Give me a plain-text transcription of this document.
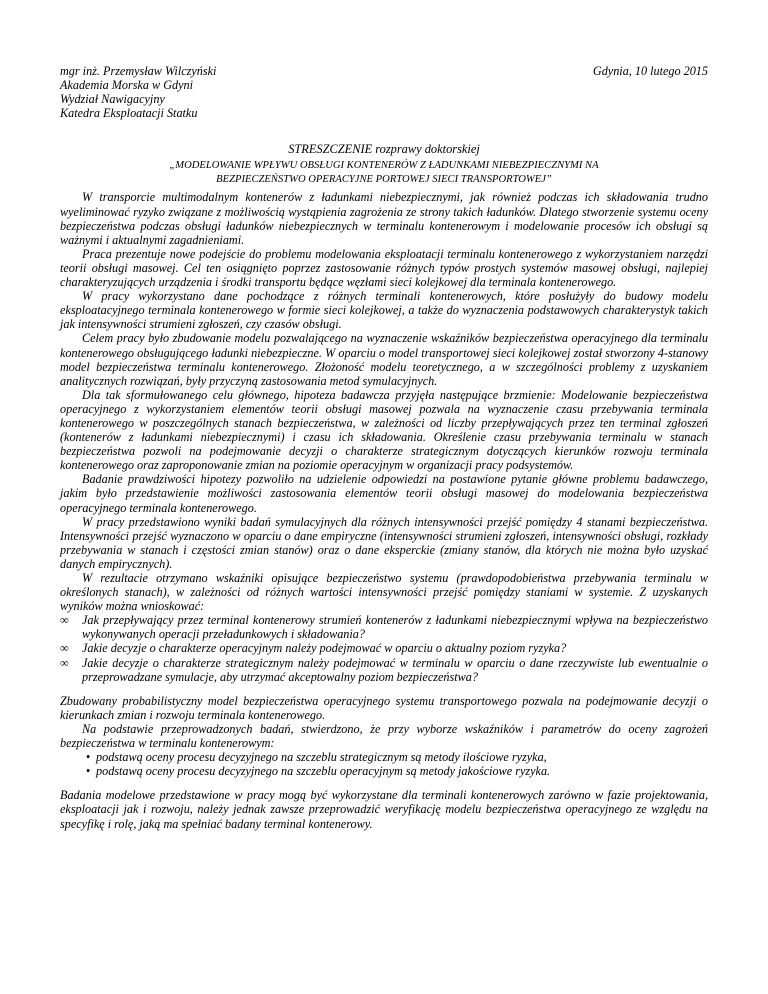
mgr inż. Przemysław Wilczyński
Akademia Morska w Gdyni
Wydział Nawigacyjny
Katedra Eksploatacji Statku
Gdynia, 10 lutego 2015
STRESZCZENIE rozprawy doktorskiej
„MODELOWANIE WPŁYWU OBSŁUGI KONTENERÓW Z ŁADUNKAMI NIEBEZPIECZNYMI NA
BEZPIECZEŃSTWO OPERACYJNE PORTOWEJ SIECI TRANSPORTOWEJ”

W transporcie multimodalnym kontenerów z ładunkami niebezpiecznymi, jak również podczas ich składowania trudno wyeliminować ryzyko związane z możliwością wystąpienia zagrożenia ze strony takich ładunków. Dlatego stworzenie systemu oceny bezpieczeństwa podczas obsługi ładunków niebezpiecznych w terminalu kontenerowym i modelowanie procesów ich obsługi są ważnymi i aktualnymi zagadnieniami.

Praca prezentuje nowe podejście do problemu modelowania eksploatacji terminalu kontenerowego z wykorzystaniem narzędzi teorii obsługi masowej. Cel ten osiągnięto poprzez zastosowanie różnych typów prostych systemów masowej obsługi, najlepiej charakteryzujących urządzenia i środki transportu będące węzłami sieci kolejkowej dla terminala kontenerowego.

W pracy wykorzystano dane pochodzące z różnych terminali kontenerowych, które posłużyły do budowy modelu eksploatacyjnego terminala kontenerowego w formie sieci kolejkowej, a także do wyznaczenia podstawowych charakterystyk takich jak intensywności strumieni zgłoszeń, czy czasów obsługi.

Celem pracy było zbudowanie modelu pozwalającego na wyznaczenie wskaźników bezpieczeństwa operacyjnego dla terminalu kontenerowego obsługującego ładunki niebezpieczne. W oparciu o model transportowej sieci kolejkowej został stworzony 4-stanowy model bezpieczeństwa terminalu kontenerowego. Złożoność modelu teoretycznego, a w szczególności problemy z uzyskaniem analitycznych rozwiązań, były przyczyną zastosowania metod symulacyjnych.

Dla tak sformułowanego celu głównego, hipoteza badawcza przyjęła następujące brzmienie: Modelowanie bezpieczeństwa operacyjnego z wykorzystaniem elementów teorii obsługi masowej pozwala na wyznaczenie czasu przebywania terminala kontenerowego w poszczególnych stanach bezpieczeństwa, w zależności od liczby przepływających przez ten terminal zgłoszeń (kontenerów z ładunkami niebezpiecznymi) i czasu ich składowania. Określenie czasu przebywania terminalu w stanach bezpieczeństwa pozwoli na podejmowanie decyzji o charakterze strategicznym dotyczących kierunków rozwoju terminala kontenerowego oraz zaproponowanie zmian na poziomie operacyjnym w organizacji pracy podsystemów.

Badanie prawdziwości hipotezy pozwoliło na udzielenie odpowiedzi na postawione pytanie główne problemu badawczego, jakim było przedstawienie możliwości zastosowania elementów teorii obsługi masowej do modelowania bezpieczeństwa operacyjnego terminala kontenerowego.

W pracy przedstawiono wyniki badań symulacyjnych dla różnych intensywności przejść pomiędzy 4 stanami bezpieczeństwa. Intensywności przejść wyznaczono w oparciu o dane empiryczne (intensywności strumieni zgłoszeń, intensywności obsługi, rozkłady przebywania w stanach i częstości zmian stanów) oraz o dane eksperckie (zmiany stanów, dla których nie można było uzyskać danych empirycznych).

W rezultacie otrzymano wskaźniki opisujące bezpieczeństwo systemu (prawdopodobieństwa przebywania terminalu w określonych stanach), w zależności od różnych wartości intensywności przejść pomiędzy staniami w systemie. Z uzyskanych wyników można wnioskować:

∞ Jak przepływający przez terminal kontenerowy strumień kontenerów z ładunkami niebezpiecznymi wpływa na bezpieczeństwo wykonywanych operacji przeładunkowych i składowania?
∞ Jakie decyzje o charakterze operacyjnym należy podejmować w oparciu o aktualny poziom ryzyka?
∞ Jakie decyzje o charakterze strategicznym należy podejmować w terminalu w oparciu o dane rzeczywiste lub ewentualnie o przeprowadzane symulacje, aby utrzymać akceptowalny poziom bezpieczeństwa?

Zbudowany probabilistyczny model bezpieczeństwa operacyjnego systemu transportowego pozwala na podejmowanie decyzji o kierunkach zmian i rozwoju terminala kontenerowego.

Na podstawie przeprowadzonych badań, stwierdzono, że przy wyborze wskaźników i parametrów do oceny zagrożeń bezpieczeństwa w terminalu kontenerowym:

• podstawą oceny procesu decyzyjnego na szczeblu strategicznym są metody ilościowe ryzyka,
• podstawą oceny procesu decyzyjnego na szczeblu operacyjnym są metody jakościowe ryzyka.

Badania modelowe przedstawione w pracy mogą być wykorzystane dla terminali kontenerowych zarówno w fazie projektowania, eksploatacji jak i rozwoju, należy jednak zawsze przeprowadzić weryfikację modelu bezpieczeństwa operacyjnego ze względu na specyfikę i rolę, jaką ma spełniać badany terminal kontenerowy.
